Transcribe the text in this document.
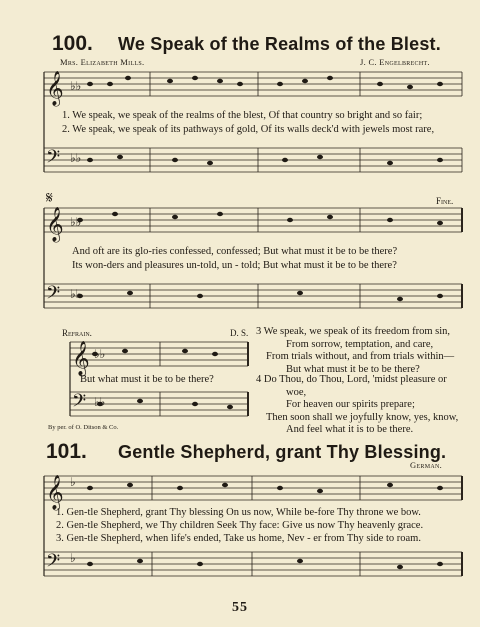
100. We Speak of the Realms of the Blest.
Mrs. Elizabeth Mills.	J. C. Engelbrecht.
𝄞
𝄢
𝄞
𝄢
𝄞
𝄢
𝄞
𝄢
♭♭
♭♭
♭♭
♭♭
♭♭
♭♭
♭
♭
1. We speak, we speak of the realms of the blest, Of that country so bright and so fair;
2. We speak, we speak of its pathways of gold, Of its walls deck'd with jewels most rare,
𝄋	Fine.
And oft are its glo-ries confessed, confessed; But what must it be to be there?
Its won-ders and pleasures un-told, un - told; But what must it be to be there?
Refrain.	D. S.
But what must it be to be there?
3 We speak, we speak of its freedom from sin,
From sorrow, temptation, and care,
From trials without, and from trials within—
But what must it be to be there?
4 Do Thou, do Thou, Lord, 'midst pleasure or
woe,
For heaven our spirits prepare;
Then soon shall we joyfully know, yes, know,
And feel what it is to be there.
By per. of O. Ditson & Co.
101. Gentle Shepherd, grant Thy Blessing.
German.
1. Gen-tle Shepherd, grant Thy blessing On us now, While be-fore Thy throne we bow.
2. Gen-tle Shepherd, we Thy children Seek Thy face: Give us now Thy heavenly grace.
3. Gen-tle Shepherd, when life's ended, Take us home, Nev - er from Thy side to roam.
55
